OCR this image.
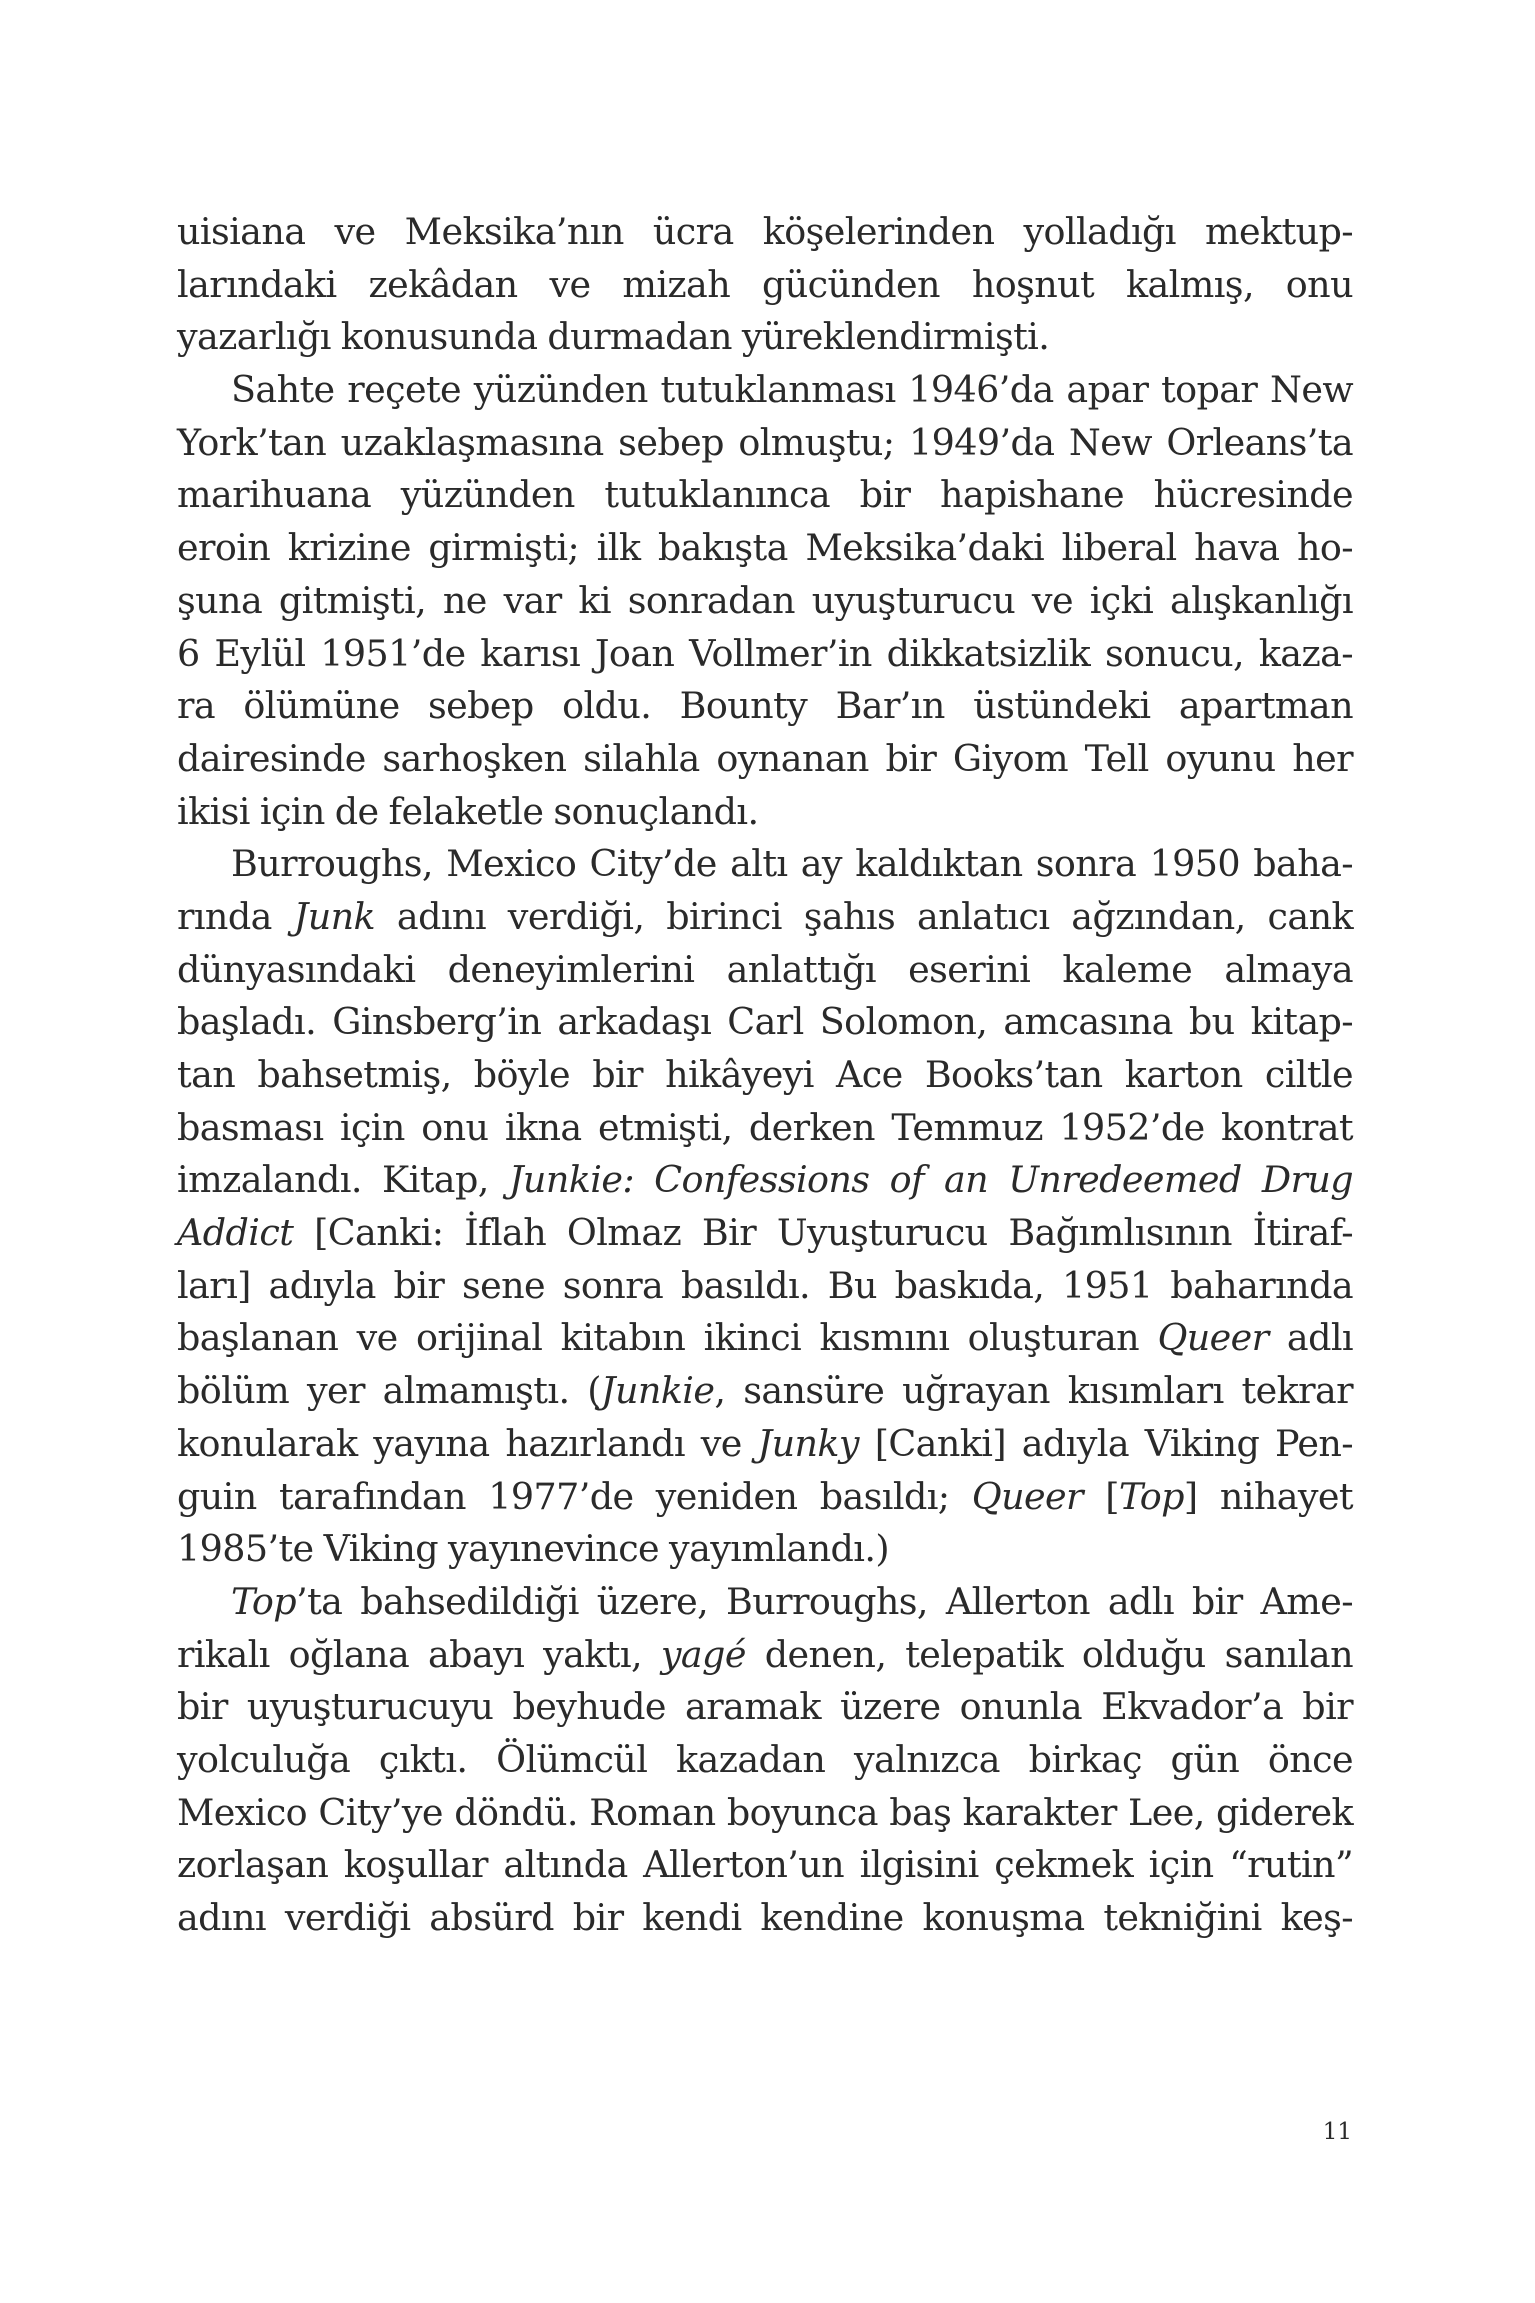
uisiana ve Meksika’nın ücra köşelerinden yolladığı mektup-
larındaki zekâdan ve mizah gücünden hoşnut kalmış, onu
yazarlığı konusunda durmadan yüreklendirmişti.
Sahte reçete yüzünden tutuklanması 1946’da apar topar New
York’tan uzaklaşmasına sebep olmuştu; 1949’da New Orleans’ta
marihuana yüzünden tutuklanınca bir hapishane hücresinde
eroin krizine girmişti; ilk bakışta Meksika’daki liberal hava ho-
şuna gitmişti, ne var ki sonradan uyuşturucu ve içki alışkanlığı
6 Eylül 1951’de karısı Joan Vollmer’in dikkatsizlik sonucu, kaza-
ra ölümüne sebep oldu. Bounty Bar’ın üstündeki apartman
dairesinde sarhoşken silahla oynanan bir Giyom Tell oyunu her
ikisi için de felaketle sonuçlandı.
Burroughs, Mexico City’de altı ay kaldıktan sonra 1950 baha-
rında Junk adını verdiği, birinci şahıs anlatıcı ağzından, cank
dünyasındaki deneyimlerini anlattığı eserini kaleme almaya
başladı. Ginsberg’in arkadaşı Carl Solomon, amcasına bu kitap-
tan bahsetmiş, böyle bir hikâyeyi Ace Books’tan karton ciltle
basması için onu ikna etmişti, derken Temmuz 1952’de kontrat
imzalandı. Kitap, Junkie: Confessions of an Unredeemed Drug
Addict [Canki: İflah Olmaz Bir Uyuşturucu Bağımlısının İtiraf-
ları] adıyla bir sene sonra basıldı. Bu baskıda, 1951 baharında
başlanan ve orijinal kitabın ikinci kısmını oluşturan Queer adlı
bölüm yer almamıştı. (Junkie, sansüre uğrayan kısımları tekrar
konularak yayına hazırlandı ve Junky [Canki] adıyla Viking Pen-
guin tarafından 1977’de yeniden basıldı; Queer [Top] nihayet
1985’te Viking yayınevince yayımlandı.)
Top’ta bahsedildiği üzere, Burroughs, Allerton adlı bir Ame-
rikalı oğlana abayı yaktı, yagé denen, telepatik olduğu sanılan
bir uyuşturucuyu beyhude aramak üzere onunla Ekvador’a bir
yolculuğa çıktı. Ölümcül kazadan yalnızca birkaç gün önce
Mexico City’ye döndü. Roman boyunca baş karakter Lee, giderek
zorlaşan koşullar altında Allerton’un ilgisini çekmek için “rutin”
adını verdiği absürd bir kendi kendine konuşma tekniğini keş-
11
